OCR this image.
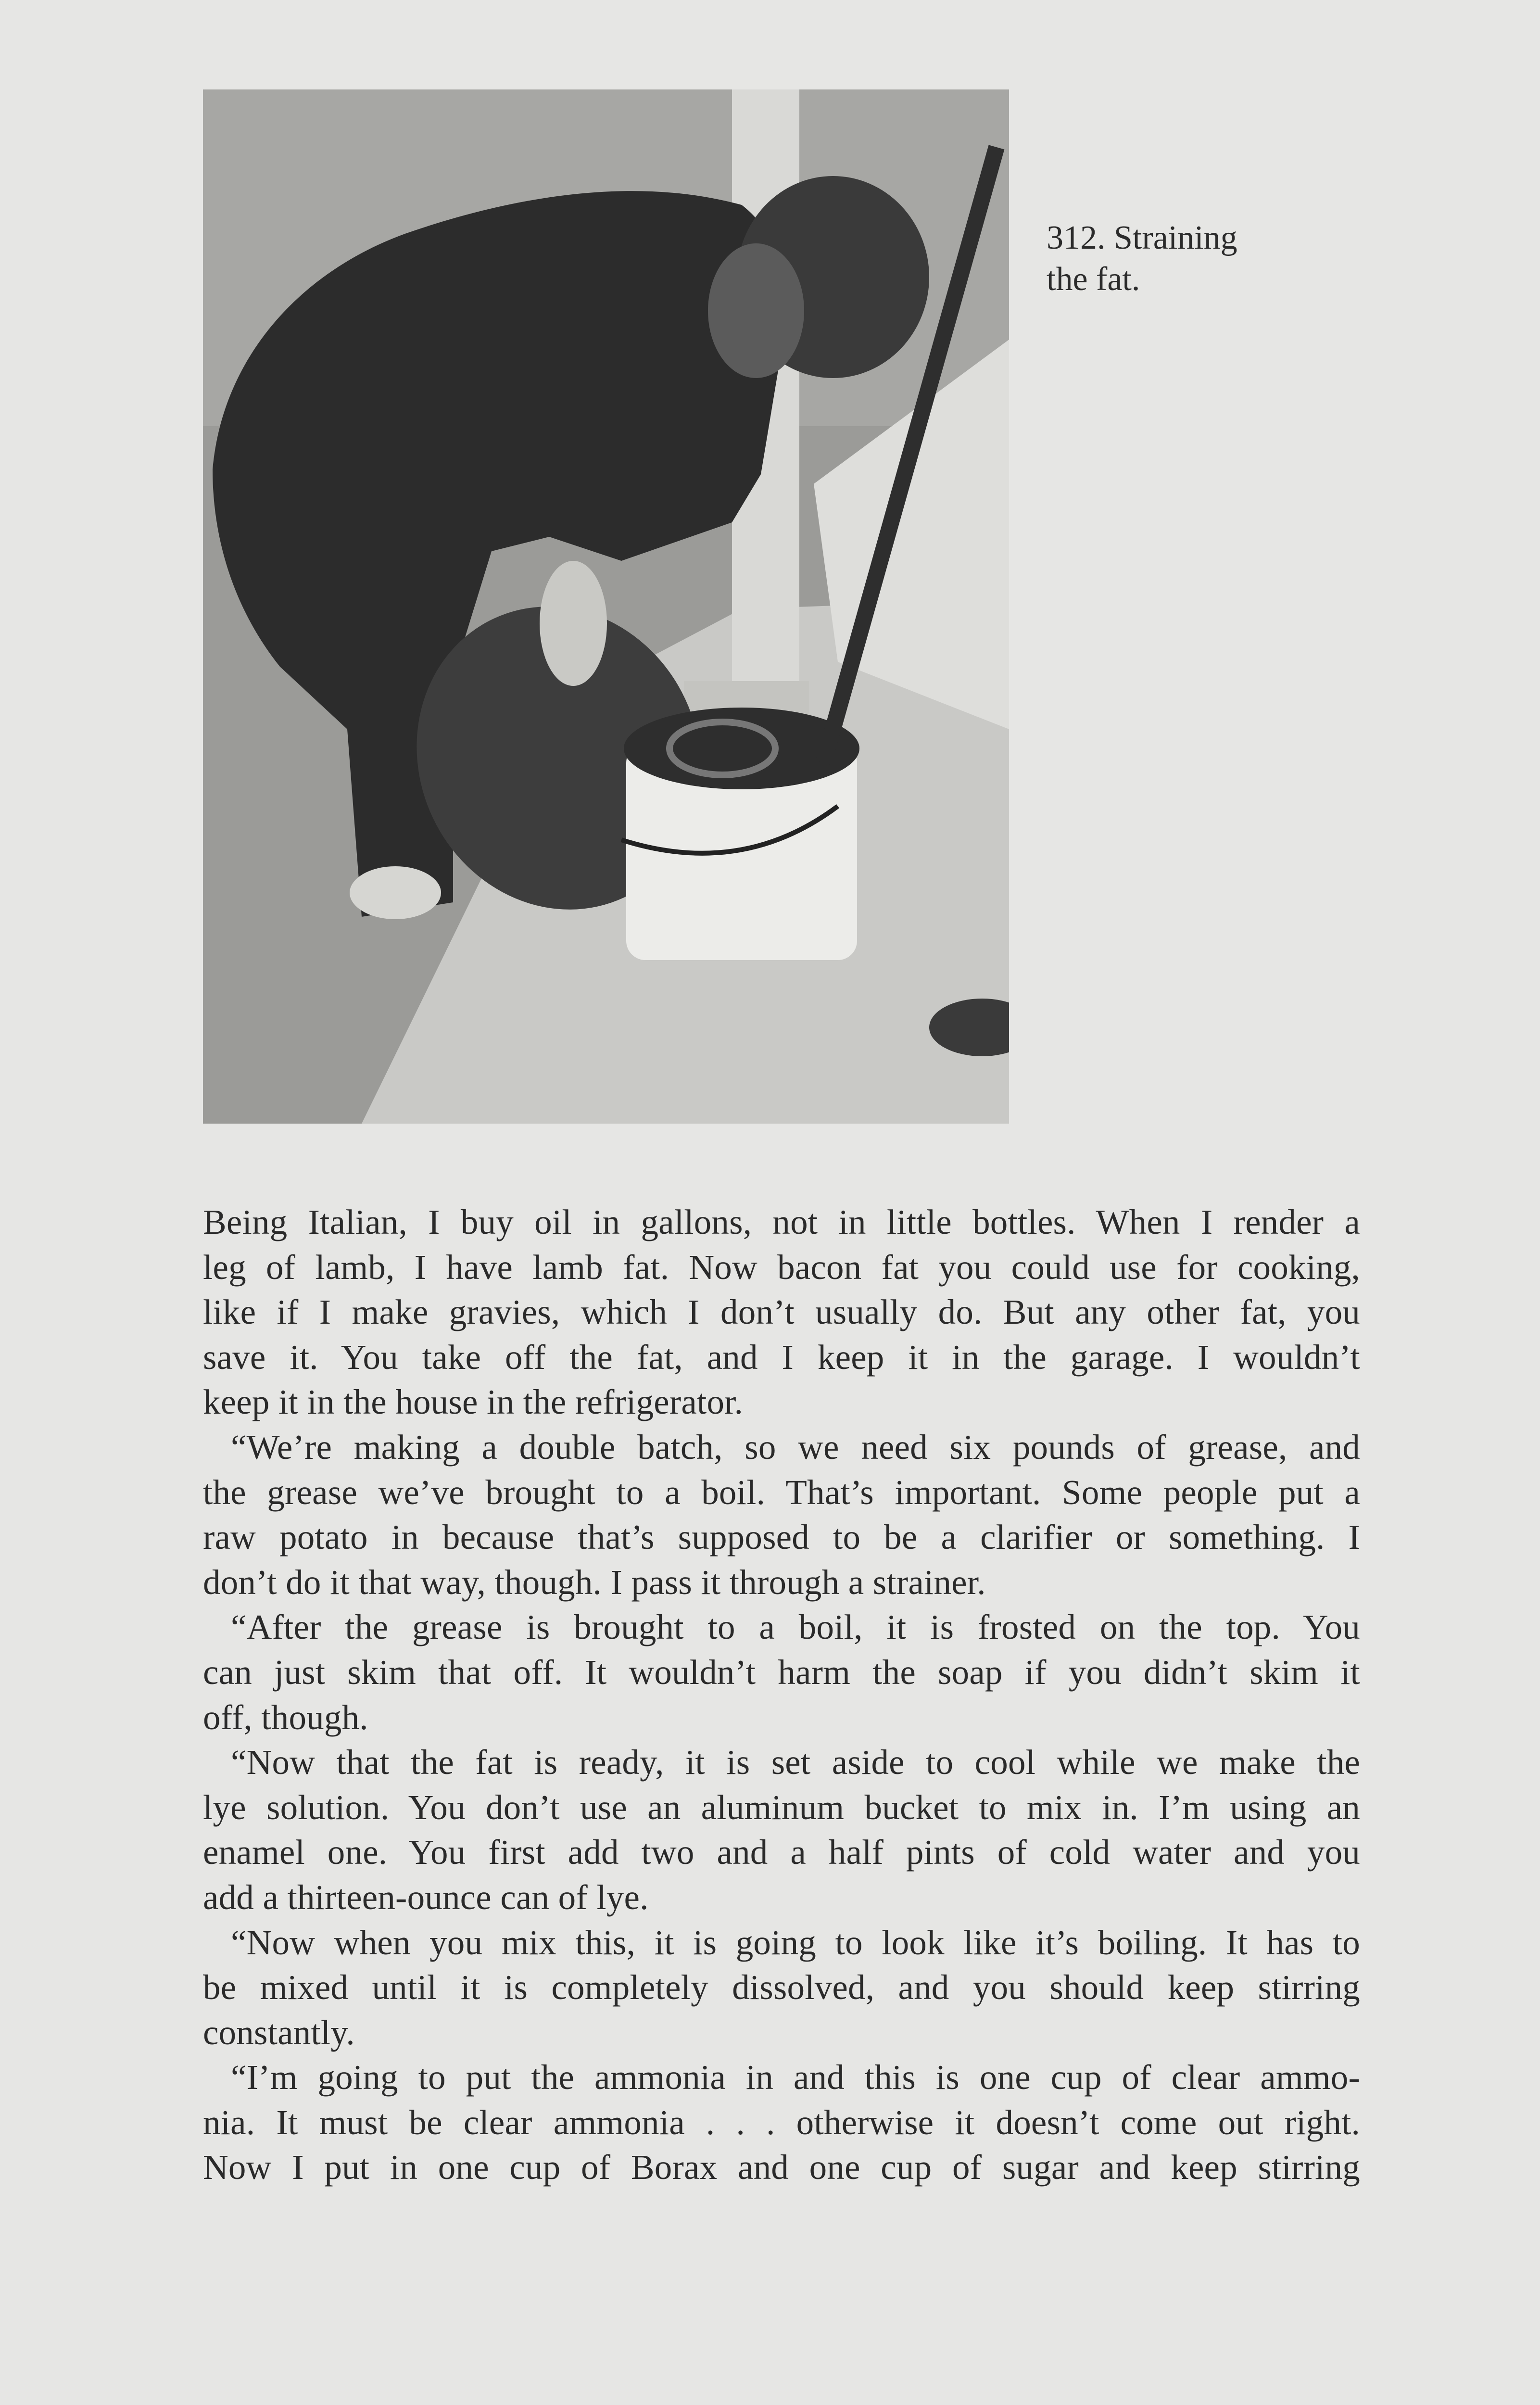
312. Straining
the fat.
Being Italian, I buy oil in gallons, not in little bottles. When I render a
leg of lamb, I have lamb fat. Now bacon fat you could use for cooking,
like if I make gravies, which I don’t usually do. But any other fat, you
save it. You take off the fat, and I keep it in the garage. I wouldn’t
keep it in the house in the refrigerator.
“We’re making a double batch, so we need six pounds of grease, and
the grease we’ve brought to a boil. That’s important. Some people put a
raw potato in because that’s supposed to be a clarifier or something. I
don’t do it that way, though. I pass it through a strainer.
“After the grease is brought to a boil, it is frosted on the top. You
can just skim that off. It wouldn’t harm the soap if you didn’t skim it
off, though.
“Now that the fat is ready, it is set aside to cool while we make the
lye solution. You don’t use an aluminum bucket to mix in. I’m using an
enamel one. You first add two and a half pints of cold water and you
add a thirteen-ounce can of lye.
“Now when you mix this, it is going to look like it’s boiling. It has to
be mixed until it is completely dissolved, and you should keep stirring
constantly.
“I’m going to put the ammonia in and this is one cup of clear ammo-
nia. It must be clear ammonia . . . otherwise it doesn’t come out right.
Now I put in one cup of Borax and one cup of sugar and keep stirring
